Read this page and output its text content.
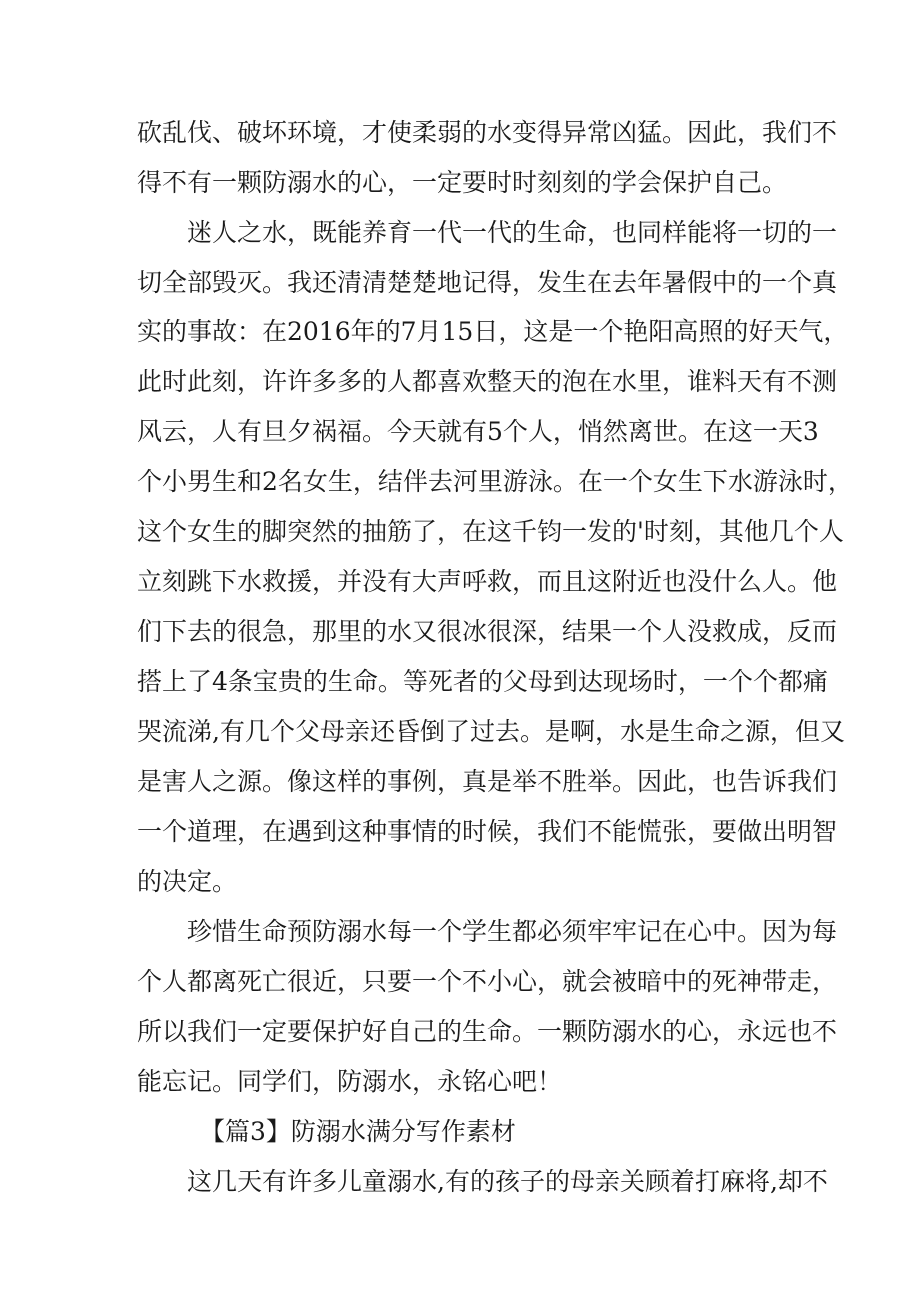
砍乱伐、破坏环境，才使柔弱的水变得异常凶猛。因此，我们不
得不有一颗防溺水的心，一定要时时刻刻的学会保护自己。
迷人之水，既能养育一代一代的生命，也同样能将一切的一
切全部毁灭。我还清清楚楚地记得，发生在去年暑假中的一个真
实的事故：在2016年的7月15日，这是一个艳阳高照的好天气，
此时此刻，许许多多的人都喜欢整天的泡在水里，谁料天有不测
风云，人有旦夕祸福。今天就有5个人，悄然离世。在这一天3
个小男生和2名女生，结伴去河里游泳。在一个女生下水游泳时，
这个女生的脚突然的抽筋了，在这千钧一发的'时刻，其他几个人
立刻跳下水救援，并没有大声呼救，而且这附近也没什么人。他
们下去的很急，那里的水又很冰很深，结果一个人没救成，反而
搭上了4条宝贵的生命。等死者的父母到达现场时，一个个都痛
哭流涕,有几个父母亲还昏倒了过去。是啊，水是生命之源，但又
是害人之源。像这样的事例，真是举不胜举。因此，也告诉我们
一个道理，在遇到这种事情的时候，我们不能慌张，要做出明智
的决定。
珍惜生命预防溺水每一个学生都必须牢牢记在心中。因为每
个人都离死亡很近，只要一个不小心，就会被暗中的死神带走，
所以我们一定要保护好自己的生命。一颗防溺水的心，永远也不
能忘记。同学们，防溺水，永铭心吧！
【篇3】防溺水满分写作素材
这几天有许多儿童溺水,有的孩子的母亲关顾着打麻将,却不
